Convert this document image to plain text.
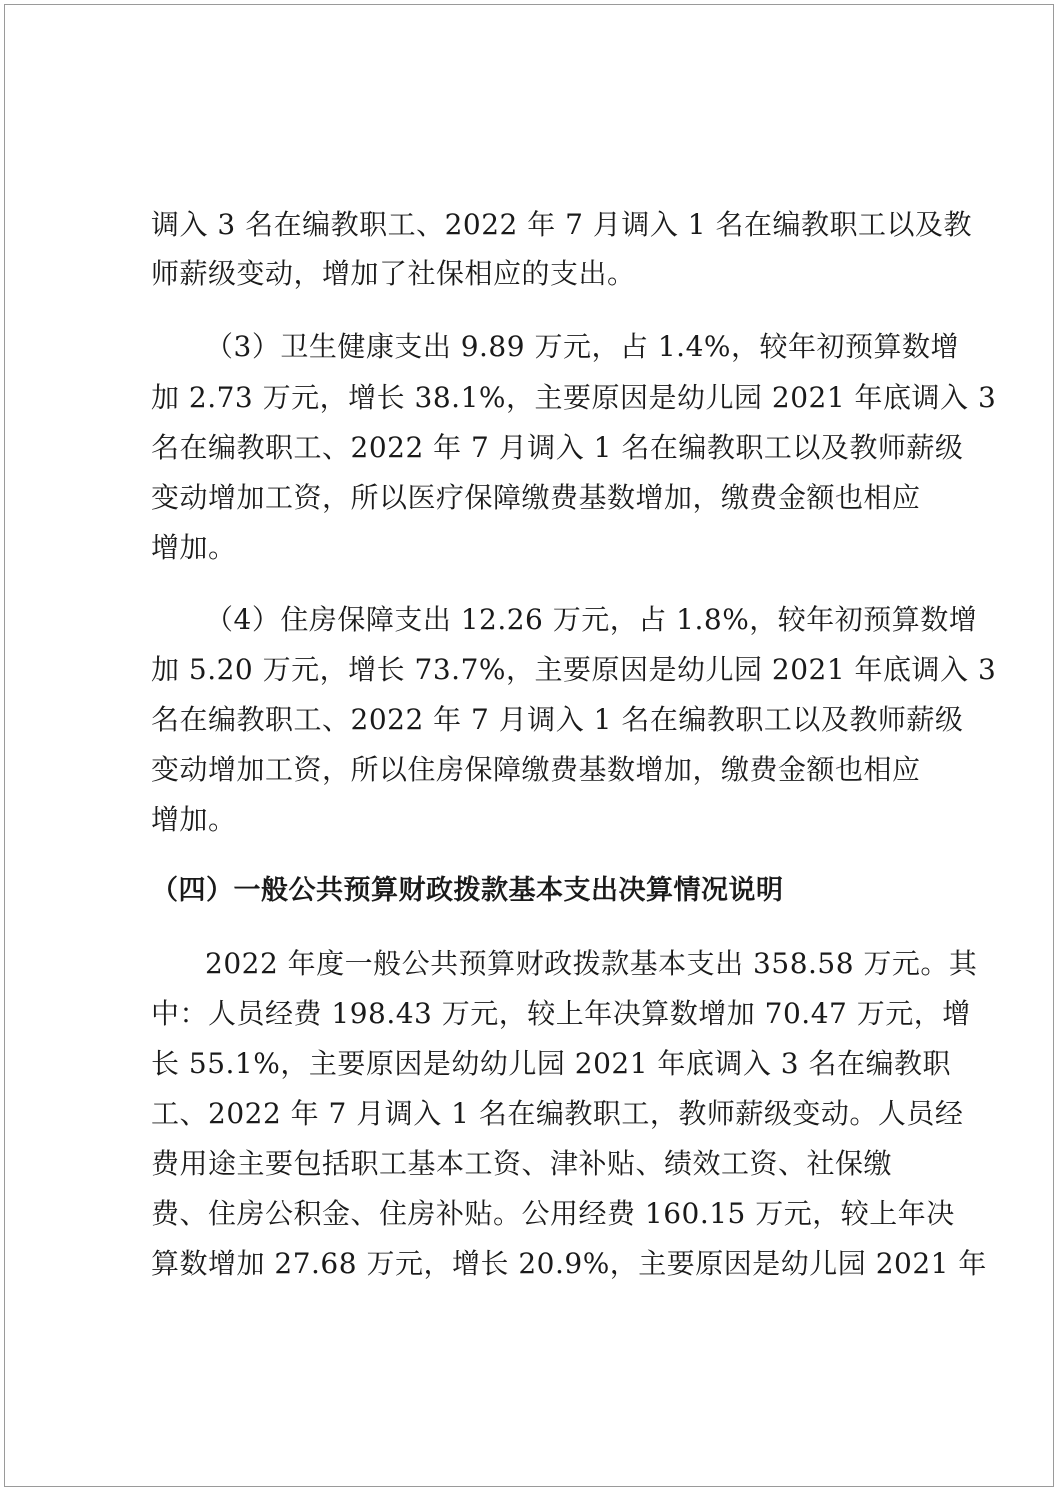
调入 3 名在编教职工、2022 年 7 月调入 1 名在编教职工以及教
师薪级变动，增加了社保相应的支出。
（3）卫生健康支出 9.89 万元，占 1.4%，较年初预算数增
加 2.73 万元，增长 38.1%，主要原因是幼儿园 2021 年底调入 3
名在编教职工、2022 年 7 月调入 1 名在编教职工以及教师薪级
变动增加工资，所以医疗保障缴费基数增加，缴费金额也相应
增加。
（4）住房保障支出 12.26 万元，占 1.8%，较年初预算数增
加 5.20 万元，增长 73.7%，主要原因是幼儿园 2021 年底调入 3
名在编教职工、2022 年 7 月调入 1 名在编教职工以及教师薪级
变动增加工资，所以住房保障缴费基数增加，缴费金额也相应
增加。
（四）一般公共预算财政拨款基本支出决算情况说明
2022 年度一般公共预算财政拨款基本支出 358.58 万元。其
中：人员经费 198.43 万元，较上年决算数增加 70.47 万元，增
长 55.1%，主要原因是幼幼儿园 2021 年底调入 3 名在编教职
工、2022 年 7 月调入 1 名在编教职工，教师薪级变动。人员经
费用途主要包括职工基本工资、津补贴、绩效工资、社保缴
费、住房公积金、住房补贴。公用经费 160.15 万元，较上年决
算数增加 27.68 万元，增长 20.9%，主要原因是幼儿园 2021 年
